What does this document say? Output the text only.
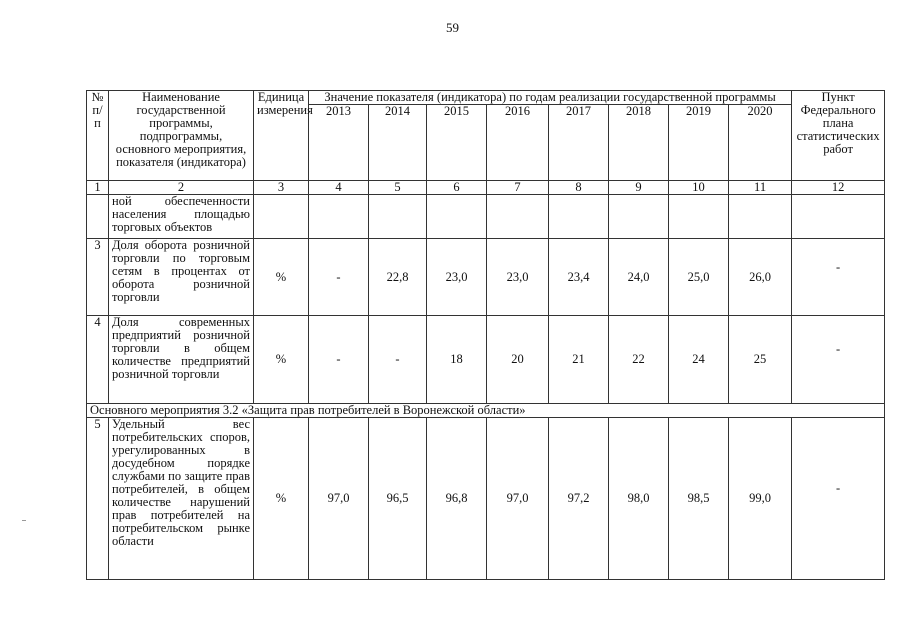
59
№ п/п	Наименование государственной программы, подпрограммы, основного мероприятия, показателя (индикатора)	Единица измерения	Значение показателя (индикатора) по годам реализации государственной программы								Пункт Федерального плана статистических работ
			2013	2014	2015	2016	2017	2018	2019	2020	
1	2	3	4	5	6	7	8	9	10	11	12
	ной обеспеченности населения площадью торговых объектов										
3	Доля оборота розничной торговли по торговым сетям в процентах от оборота розничной торговли	%	-	22,8	23,0	23,0	23,4	24,0	25,0	26,0	-
4	Доля современных предприятий розничной торговли в общем количестве предприятий розничной торговли	%	-	-	18	20	21	22	24	25	-
Основного мероприятия 3.2 «Защита прав потребителей в Воронежской области»											
5	Удельный вес потребительских споров, урегулированных в досудебном порядке службами по защите прав потребителей, в общем количестве нарушений прав потребителей на потребительском рынке области	%	97,0	96,5	96,8	97,0	97,2	98,0	98,5	99,0	-
